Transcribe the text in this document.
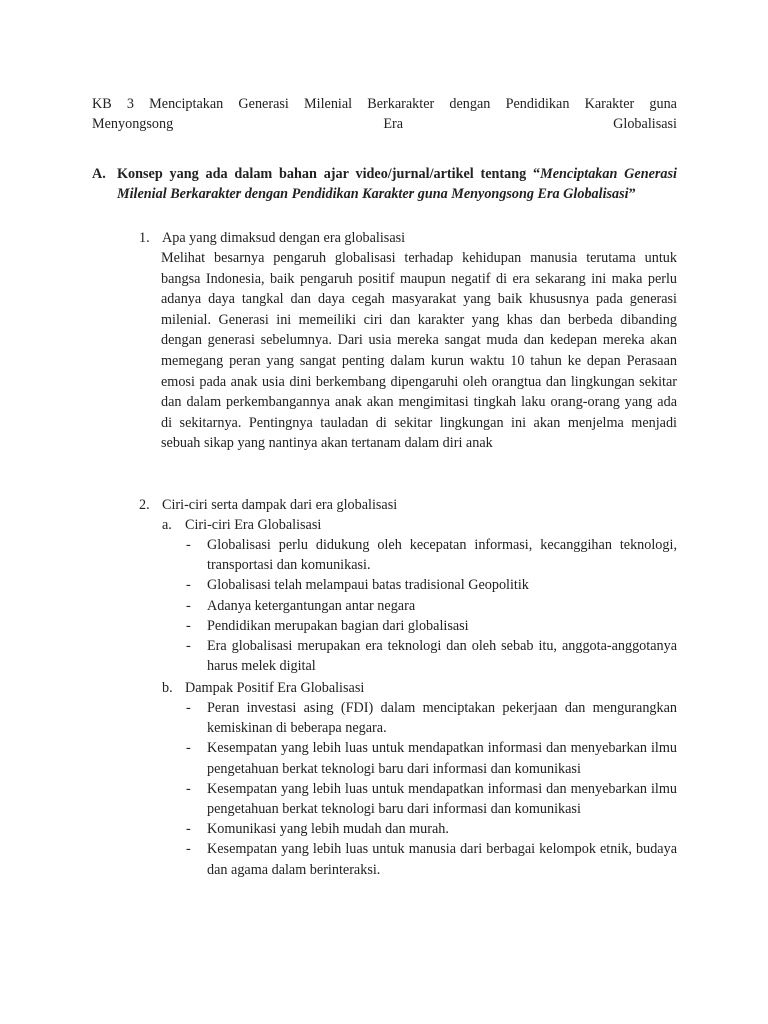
KB 3 Menciptakan Generasi Milenial Berkarakter dengan Pendidikan Karakter guna
Menyongsong Era Globalisasi
A. Konsep yang ada dalam bahan ajar video/jurnal/artikel tentang “Menciptakan Generasi Milenial Berkarakter dengan Pendidikan Karakter guna Menyongsong Era Globalisasi”
1. Apa yang dimaksud dengan era globalisasi
Melihat besarnya pengaruh globalisasi terhadap kehidupan manusia terutama untuk bangsa Indonesia, baik pengaruh positif maupun negatif di era sekarang ini maka perlu adanya daya tangkal dan daya cegah masyarakat yang baik khususnya pada generasi milenial. Generasi ini memeiliki ciri dan karakter yang khas dan berbeda dibanding dengan generasi sebelumnya. Dari usia mereka sangat muda dan kedepan mereka akan memegang peran yang sangat penting dalam kurun waktu 10 tahun ke depan Perasaan emosi pada anak usia dini berkembang dipengaruhi oleh orangtua dan lingkungan sekitar dan dalam perkembangannya anak akan mengimitasi tingkah laku orang-orang yang ada di sekitarnya. Pentingnya tauladan di sekitar lingkungan ini akan menjelma menjadi sebuah sikap yang nantinya akan tertanam dalam diri anak
2. Ciri-ciri serta dampak dari era globalisasi
a. Ciri-ciri Era Globalisasi
- Globalisasi perlu didukung oleh kecepatan informasi, kecanggihan teknologi, transportasi dan komunikasi.
- Globalisasi telah melampaui batas tradisional Geopolitik
- Adanya ketergantungan antar negara
- Pendidikan merupakan bagian dari globalisasi
- Era globalisasi merupakan era teknologi dan oleh sebab itu, anggota-anggotanya harus melek digital
b. Dampak Positif Era Globalisasi
- Peran investasi asing (FDI) dalam menciptakan pekerjaan dan mengurangkan kemiskinan di beberapa negara.
- Kesempatan yang lebih luas untuk mendapatkan informasi dan menyebarkan ilmu pengetahuan berkat teknologi baru dari informasi dan komunikasi
- Kesempatan yang lebih luas untuk mendapatkan informasi dan menyebarkan ilmu pengetahuan berkat teknologi baru dari informasi dan komunikasi
- Komunikasi yang lebih mudah dan murah.
- Kesempatan yang lebih luas untuk manusia dari berbagai kelompok etnik, budaya dan agama dalam berinteraksi.
